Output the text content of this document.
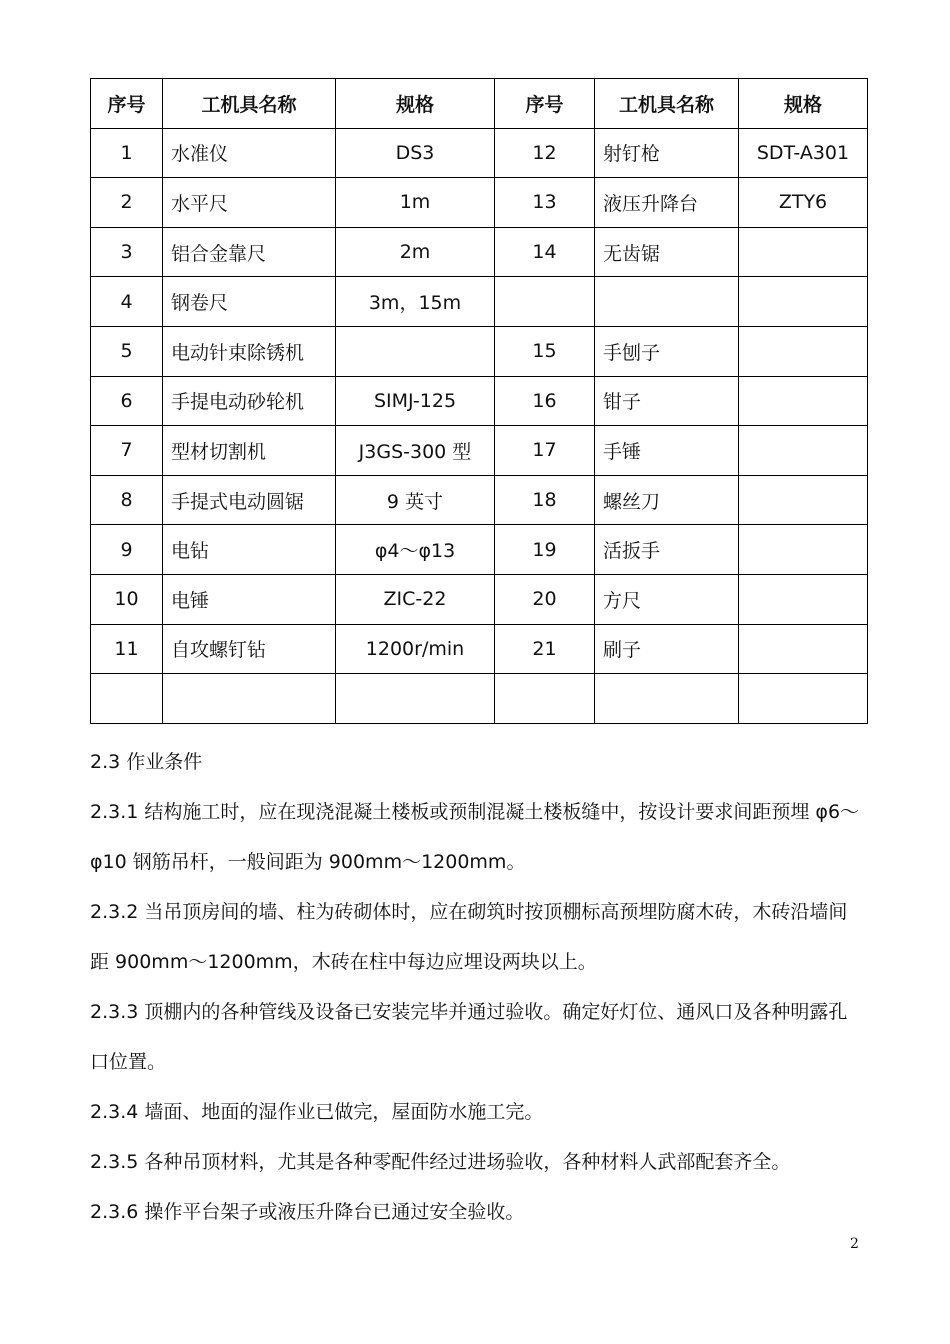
序号	工机具名称	规格	序号	工机具名称	规格
1	水准仪	DS3	12	射钉枪	SDT-A301
2	水平尺	1m	13	液压升降台	ZTY6
3	铝合金靠尺	2m	14	无齿锯	
4	钢卷尺	3m，15m			
5	电动针束除锈机		15	手刨子	
6	手提电动砂轮机	SIMJ-125	16	钳子	
7	型材切割机	J3GS-300 型	17	手锤	
8	手提式电动圆锯	9 英寸	18	螺丝刀	
9	电钻	φ4～φ13	19	活扳手	
10	电锤	ZIC-22	20	方尺	
11	自攻螺钉钻	1200r/min	21	刷子	

2.3 作业条件

2.3.1 结构施工时，应在现浇混凝土楼板或预制混凝土楼板缝中，按设计要求间距预埋 φ6～

φ10 钢筋吊杆，一般间距为 900mm～1200mm。

2.3.2 当吊顶房间的墙、柱为砖砌体时，应在砌筑时按顶棚标高预埋防腐木砖，木砖沿墙间

距 900mm～1200mm，木砖在柱中每边应埋设两块以上。

2.3.3 顶棚内的各种管线及设备已安装完毕并通过验收。确定好灯位、通风口及各种明露孔

口位置。

2.3.4 墙面、地面的湿作业已做完，屋面防水施工完。

2.3.5 各种吊顶材料，尤其是各种零配件经过进场验收，各种材料人武部配套齐全。

2.3.6 操作平台架子或液压升降台已通过安全验收。

2
